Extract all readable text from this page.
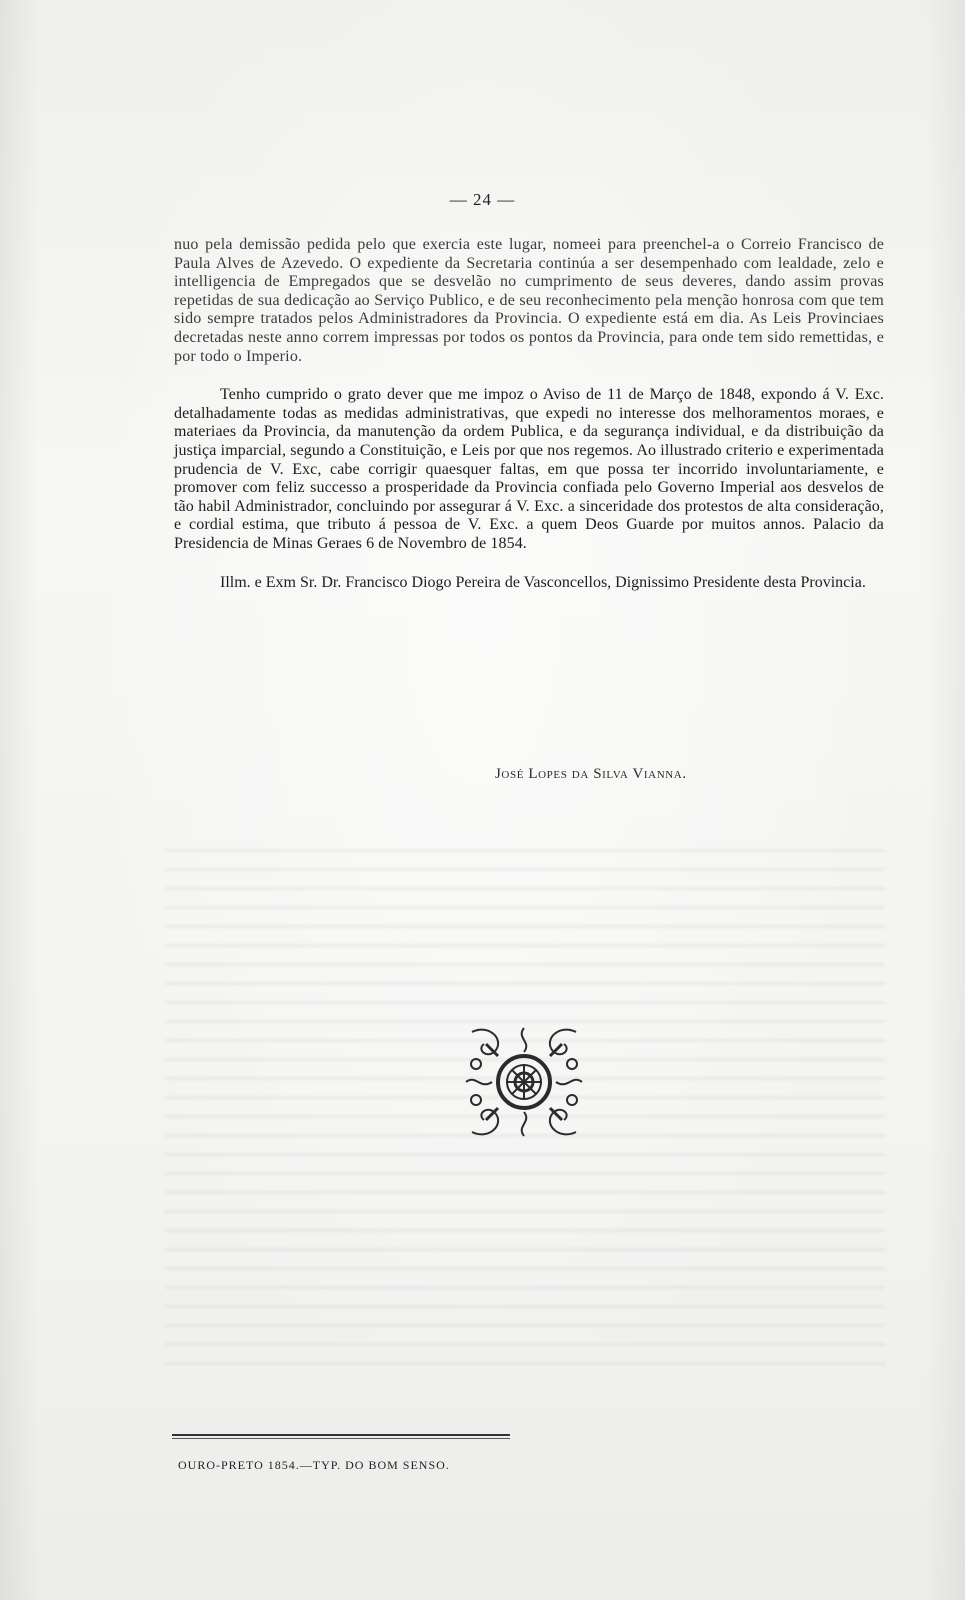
— 24 —

nuo pela demissão pedida pelo que exercia este lugar, nomeei para preenchel-a o Correio Francisco de Paula Alves de Azevedo. O expediente da Secretaria continúa a ser desempenhado com lealdade, zelo e intelligencia de Empregados que se desvelão no cumprimento de seus deveres, dando assim provas repetidas de sua dedicação ao Serviço Publico, e de seu reconhecimento pela menção honrosa com que tem sido sempre tratados pelos Administradores da Provincia. O expediente está em dia. As Leis Provinciaes decretadas neste anno correm impressas por todos os pontos da Provincia, para onde tem sido remettidas, e por todo o Imperio.

Tenho cumprido o grato dever que me impoz o Aviso de 11 de Março de 1848, expondo á V. Exc. detalhadamente todas as medidas administrativas, que expedi no interesse dos melhoramentos moraes, e materiaes da Provincia, da manutenção da ordem Publica, e da segurança individual, e da distribuição da justiça imparcial, segundo a Constituição, e Leis por que nos regemos. Ao illustrado criterio e experimentada prudencia de V. Exc, cabe corrigir quaesquer faltas, em que possa ter incorrido involuntariamente, e promover com feliz successo a prosperidade da Provincia confiada pelo Governo Imperial aos desvelos de tão habil Administrador, concluindo por assegurar á V. Exc. a sinceridade dos protestos de alta consideração, e cordial estima, que tributo á pessoa de V. Exc. a quem Deos Guarde por muitos annos. Palacio da Presidencia de Minas Geraes 6 de Novembro de 1854.

Illm. e Exm Sr. Dr. Francisco Diogo Pereira de Vasconcellos, Dignissimo Presidente desta Provincia.

José Lopes da Silva Vianna.
OURO-PRETO 1854.—TYP. DO BOM SENSO.
